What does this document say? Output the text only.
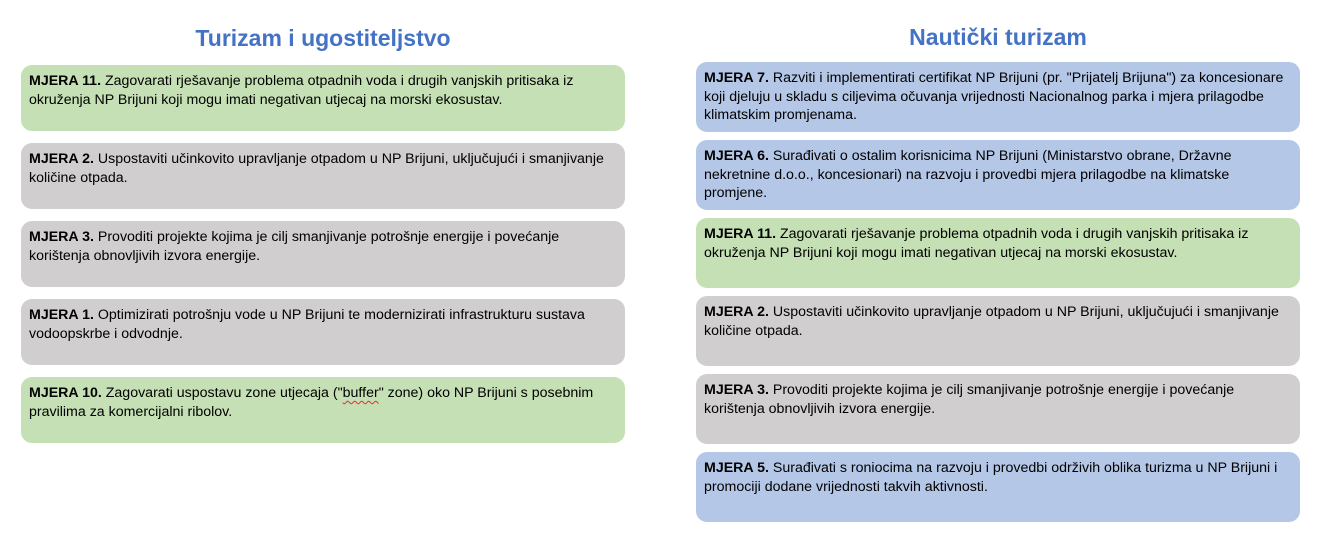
Turizam i ugostiteljstvo
MJERA 11. Zagovarati rješavanje problema otpadnih voda i drugih vanjskih pritisaka iz okruženja NP Brijuni koji mogu imati negativan utjecaj na morski ekosustav.
MJERA 2. Uspostaviti učinkovito upravljanje otpadom u NP Brijuni, uključujući i smanjivanje količine otpada.
MJERA 3. Provoditi projekte kojima je cilj smanjivanje potrošnje energije i povećanje korištenja obnovljivih izvora energije.
MJERA 1. Optimizirati potrošnju vode u NP Brijuni te modernizirati infrastrukturu sustava vodoopskrbe i odvodnje.
MJERA 10. Zagovarati uspostavu zone utjecaja ("buffer" zone) oko NP Brijuni s posebnim pravilima za komercijalni ribolov.
Nautički turizam
MJERA 7. Razviti i implementirati certifikat NP Brijuni (pr. "Prijatelj Brijuna") za koncesionare koji djeluju u skladu s ciljevima očuvanja vrijednosti Nacionalnog parka i mjera prilagodbe klimatskim promjenama.
MJERA 6. Surađivati o ostalim korisnicima NP Brijuni (Ministarstvo obrane, Državne nekretnine d.o.o., koncesionari) na razvoju i provedbi mjera prilagodbe na klimatske promjene.
MJERA 11. Zagovarati rješavanje problema otpadnih voda i drugih vanjskih pritisaka iz okruženja NP Brijuni koji mogu imati negativan utjecaj na morski ekosustav.
MJERA 2. Uspostaviti učinkovito upravljanje otpadom u NP Brijuni, uključujući i smanjivanje količine otpada.
MJERA 3. Provoditi projekte kojima je cilj smanjivanje potrošnje energije i povećanje korištenja obnovljivih izvora energije.
MJERA 5. Surađivati s roniocima na razvoju i provedbi održivih oblika turizma u NP Brijuni i promociji dodane vrijednosti takvih aktivnosti.
